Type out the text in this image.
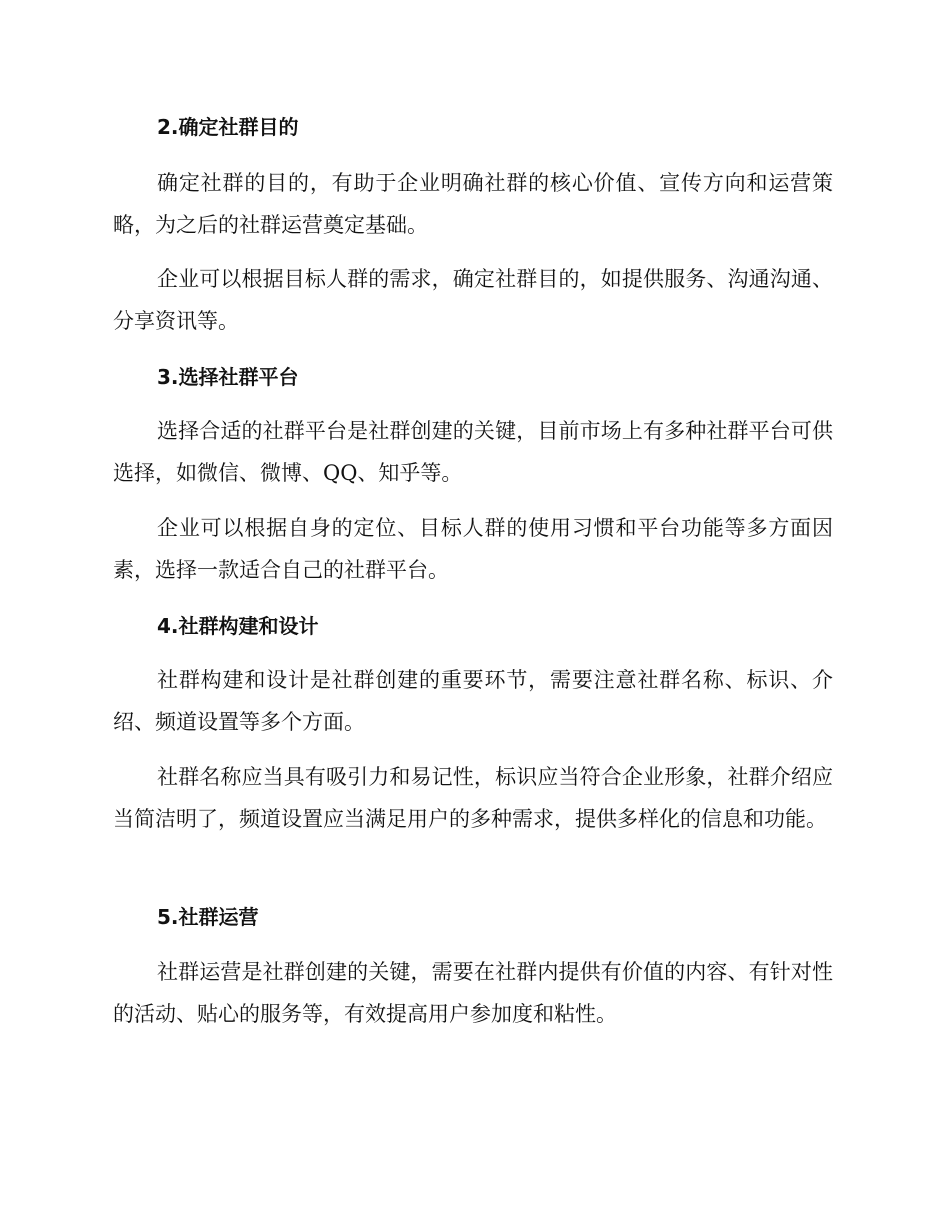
2.确定社群目的

确定社群的目的，有助于企业明确社群的核心价值、宣传方向和运营策略，为之后的社群运营奠定基础。

企业可以根据目标人群的需求，确定社群目的，如提供服务、沟通沟通、分享资讯等。

3.选择社群平台

选择合适的社群平台是社群创建的关键，目前市场上有多种社群平台可供选择，如微信、微博、QQ、知乎等。

企业可以根据自身的定位、目标人群的使用习惯和平台功能等多方面因素，选择一款适合自己的社群平台。

4.社群构建和设计

社群构建和设计是社群创建的重要环节，需要注意社群名称、标识、介绍、频道设置等多个方面。

社群名称应当具有吸引力和易记性，标识应当符合企业形象，社群介绍应当简洁明了，频道设置应当满足用户的多种需求，提供多样化的信息和功能。

5.社群运营

社群运营是社群创建的关键，需要在社群内提供有价值的内容、有针对性的活动、贴心的服务等，有效提高用户参加度和粘性。
